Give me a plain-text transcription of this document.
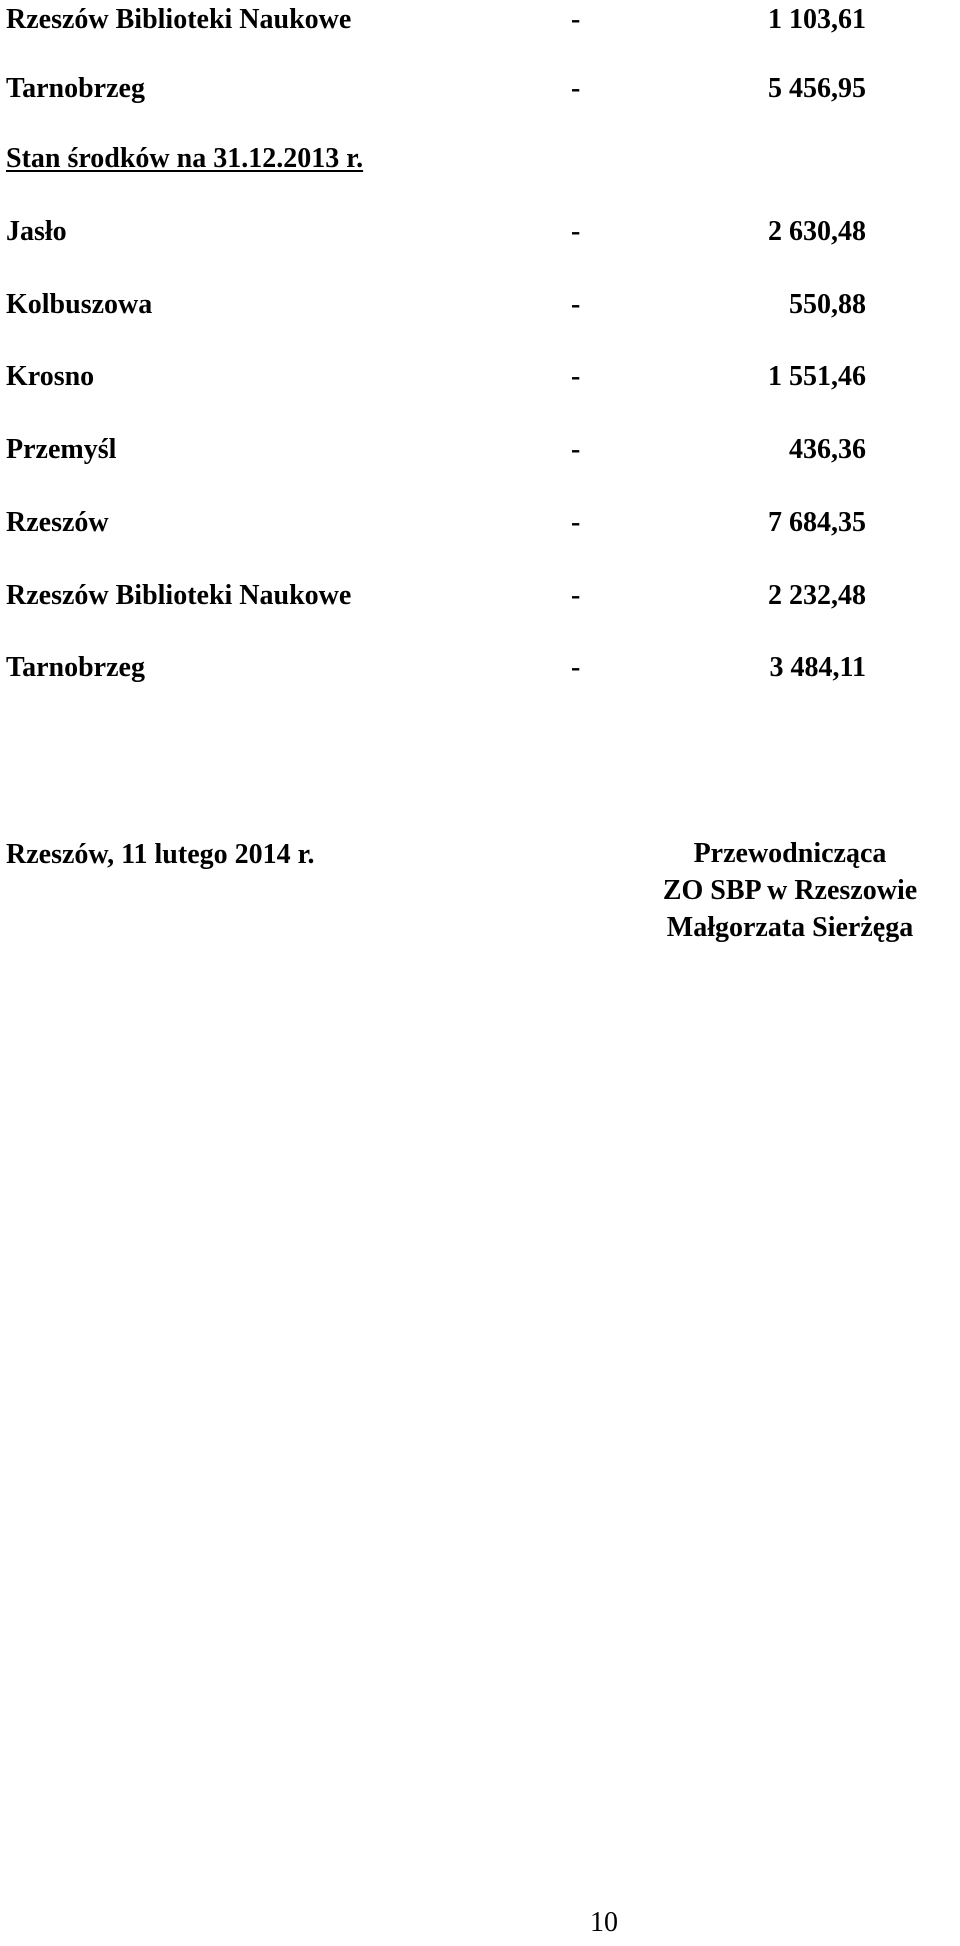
Rzeszów Biblioteki Naukowe	-	1 103,61
Tarnobrzeg	-	5 456,95
Stan środków na 31.12.2013 r.
Jasło	-	2 630,48
Kolbuszowa	-	550,88
Krosno	-	1 551,46
Przemyśl	-	436,36
Rzeszów	-	7 684,35
Rzeszów Biblioteki Naukowe	-	2 232,48
Tarnobrzeg	-	3 484,11
Rzeszów, 11 lutego 2014 r.	Przewodnicząca
ZO SBP w Rzeszowie
Małgorzata Sierżęga
10
